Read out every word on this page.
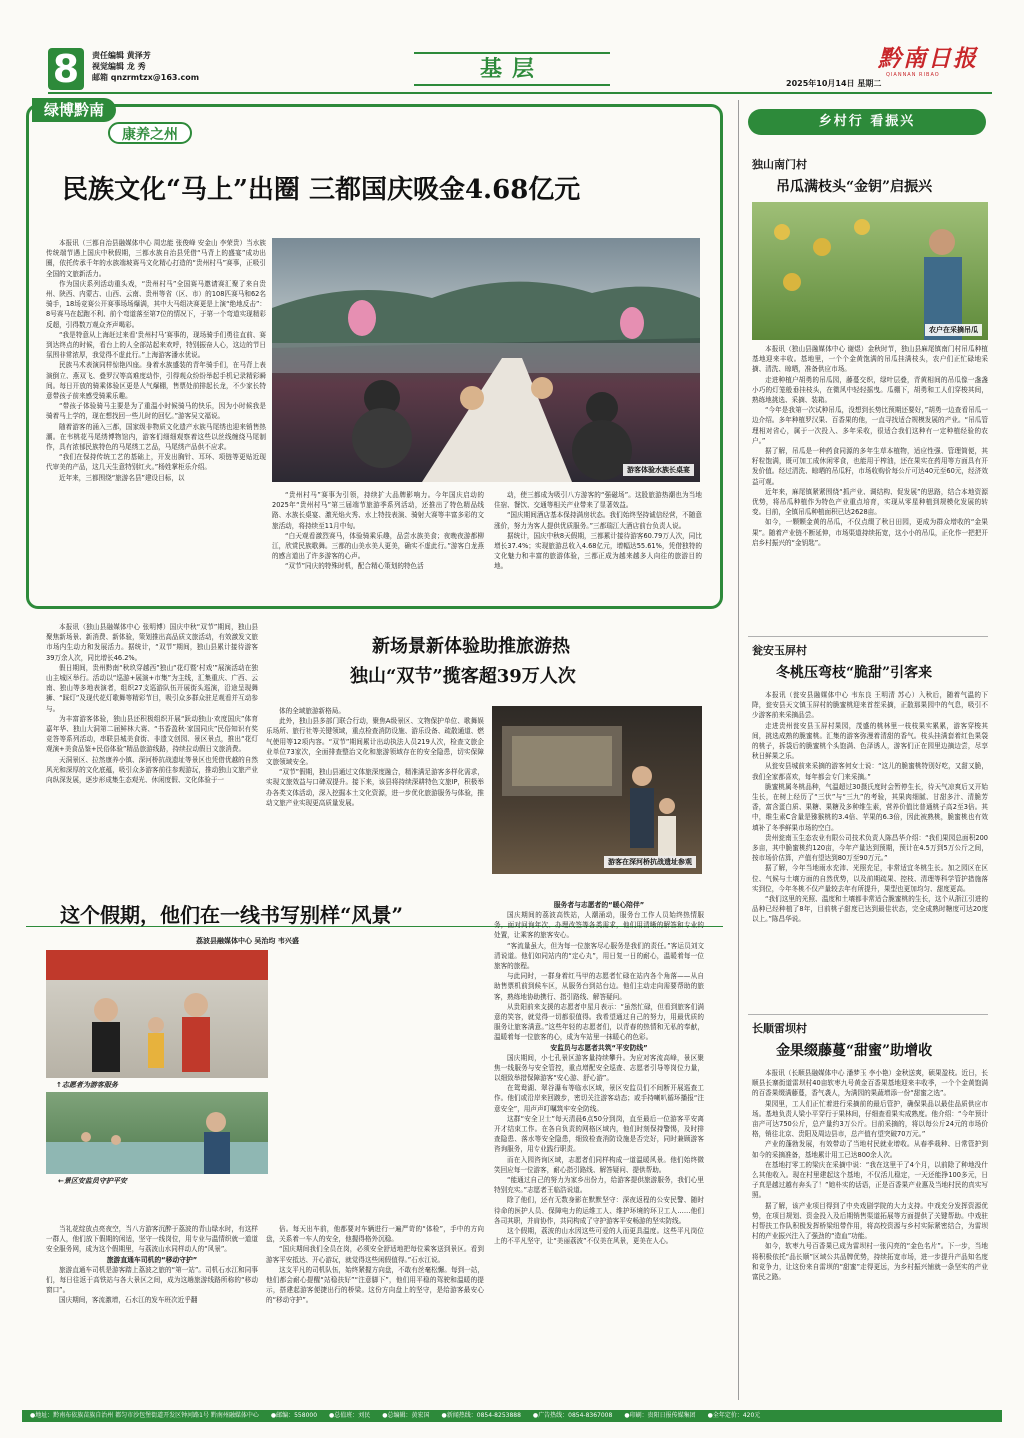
8	责任编辑 黄泽芳
视觉编辑 龙 秀
邮箱 qnzrmtzx@163.com	基层	黔南日报
QIANNAN RIBAO
2025年10月14日 星期二
绿博黔南
康养之州
民族文化“马上”出圈 三都国庆吸金4.68亿元

本报讯（三都自治县融媒体中心 周忠能 张俊峰 安金山 李荣贵）当水族传统端节遇上国庆中秋假期，三都水族自治县凭借“马背上的盛宴”成功出圈，依托传承千年的水族端坡赛马文化精心打造的“贵州村马”赛事，正吸引全国的文旅新活力。

作为国庆系列活动重头戏，“贵州村马”全国赛马邀请赛汇聚了来自贵州、陕西、内蒙古、山西、云南、贵州等省（区、市）的108匹赛马和62名骑手，18场竞赛公开赛事场场爆满，其中大马组决赛更是上演“绝地反击”：8号赛马在起跑不利、前个弯道落至第7位的情况下，于第一个弯道实现精彩反超，引得数万观众齐声喝彩。

“我是特意从上海赶过来看‘贵州村马’赛事的，现场骑手们勇往直前、赛到达终点的时候，看台上的人全部站起来欢呼，特别振奋人心，这边的节日氛围非常浓厚，我觉得不虚此行。”上海游客潘水优说。

民族马术表演同样惊艳四座。身着水族盛装的青年骑手们，在马背上表演倒立、燕双飞、叠罗汉等高难度动作，引得观众纷纷举起手机记录精彩瞬间。每日开放的骑乘体验区更是人气爆棚，售票处前排起长龙，不少家长特意带孩子前来感受骑乘乐趣。

“带孩子体验骑马主要是为了重温小时候骑马的快乐，因为小时候我是骑着马上学的，现在想找回一些儿时的回忆。”游客吴文福说。

随着游客的涌入三都，国家级非物质文化遗产水族马尾绣也迎来销售热潮。在韦桃花马尾绣博物馆内，游客们细细观察着这些以丝线缠绕马尾制作，具有浓郁民族特色的马尾绣工艺品，马尾绣产品供不应求。

“我们在保持传统工艺的基础上，开发出胸针、耳环、项链等更贴近现代审美的产品，这几天生意特别红火。”杨姓掌柜乐介绍。

近年来，三都围绕“旅游名县”建设目标，以

游客体验水族长桌宴

“贵州村马”赛事为引领，持续扩大品牌影响力。今年国庆启动的2025年“贵州村马”第三届端节旅游季系列活动，还推出了特色精品线路、水族长桌宴、激光焰火秀、水上特技表演、骑射大赛等丰富多彩的文旅活动，将持续至11月中旬。

“白天观看激烈赛马，体验骑乘乐趣，品尝水族美食；夜晚夜游都柳江，欣赏民族歌舞。三都的山美水美人更美，确实不虚此行。”游客白龙燕的感言道出了许多游客的心声。

“双节”同庆的特殊时机，配合精心策划的特色活

动，使三都成为吸引八方游客的“强磁场”。这股旅游热潮也为当地住宿、餐饮、交通等相关产业带来了显著效益。

“国庆期间酒店基本保持满房状态。我们始终坚持诚信经营，不随意涨价，努力为客人提供优质服务。”三都瑞江大酒店前台负责人说。

据统计，国庆中秋8天假期，三都累计接待游客60.79万人次，同比增长37.4%；实现旅游总收入4.68亿元，增幅达55.61%，凭借独特的文化魅力和丰富的旅游体验，三都正成为越来越多人向往的旅游目的地。

本报讯（独山县融媒体中心 张明博）国庆中秋“双节”期间，独山县聚焦新场景、新消费、新体验，策划推出高品质文旅活动，有效激发文旅市场内生动力和发展活力。据统计，“双节”期间，独山县累计接待游客39万余人次，同比增长46.2%。

假日期间，贵州黔南“秋玖穿越西”独山“花灯暨‘村戏’”展演活动在独山主城区举行。活动以“巡游+展演+市集”为主线，汇集重庆、广西、云南、独山等多地表演者，组织27支巡游队伍开展街头巡演，沿途呈现舞狮、“踩灯”及现代花灯歌舞等精彩节目，吸引众多群众驻足观看并互动参与。

为丰富游客体验，独山县还积极组织开展“跃动独山·欢度国庆”体育嘉年华、独山大洞第二届鲜林大赛、“书香盈秋·家国同庆”民俗知识有奖竞答等系列活动，串联县城美食街、非遗文创园、景区景点，推出“花灯观演+美食品鉴+民俗体验”精品旅游线路，持续拉动假日文旅消费。

天洞景区、拉然康养小镇、深河桥抗战遗址等景区也凭借优越的自然风光和深厚的文化底蕴，吸引众多游客前往参观游玩，推动独山文旅产业向纵深发展，逐步形成集生态观光、休闲度假、文化体验于一

新场景新体验助推旅游热
独山“双节”揽客超39万人次

体的全域旅游新格局。

此外，独山县多部门联合行动，聚焦A级景区、文物保护单位、歌舞娱乐场所、旅行社等关键领域，重点检查消防设施、游乐设备、疏散通道、燃气使用等12项内容。“双节”期间累计出动执法人员219人次，检查文旅企业单位73家次，全面排查整治文化和旅游领域存在的安全隐患，切实保障文旅领域安全。

“双节”假期，独山县通过文体旅深度融合，精准满足游客多样化需求，实现文旅效益与口碑双提升。接下来，该县将持续深耕特色文旅IP，积极举办各类文体活动，深入挖掘本土文化资源，进一步优化旅游服务与体验，推动文旅产业实现更高质量发展。

游客在深河桥抗战遗址参观
这个假期，他们在一线书写别样“风景”
荔波县融媒体中心 吴治均 韦兴盛
↑志愿者为游客服务
←景区安监员守护平安

当礼花绽放点亮夜空，当八方游客沉醉于荔波的青山绿水时，有这样一群人，他们放下假期的闲适，坚守一线岗位，用专业与温情织就一道道安全服务网，成为这个假期里，与荔波山水同样动人的“风景”。

旅游直通车司机的“移动守护”

旅游直通车司机是游客踏上荔波之旅的“第一站”。司机石水江和同事们，每日往返于高铁站与各大景区之间，成为这趟旅游线路所称的“移动窗口”。

国庆期间，客流激增，石水江的发车班次近乎翻

倍。每天出车前，他都要对车辆进行一遍严苛的“体检”，手中的方向盘，关系着一车人的安全，他握得格外沉稳。

“国庆期间我们全员在岗，必须安全舒适地把每位乘客送到景区。看到游客平安抵达、开心游玩，就觉得这些闲假值得。”石水江说。

这支平凡的司机队伍，始终紧握方向盘，不敢有丝毫松懈。每到一站，他们都会耐心提醒“站稳扶好”“注意脚下”，他们用平稳的驾驶和温暖的提示，搭建起游客便捷出行的桥梁。这份方向盘上的坚守，是给游客最安心的“移动守护”。

服务者与志愿者的“暖心陪伴”

国庆期间的荔波高铁站，人潮涌动，服务台工作人员始终热情服务，面对问询年次、办理改签等各类需求，他们用清晰的解答和专业的处置，让乘客的旅客安心。

“客流量虽大，但为每一位旅客尽心服务是我们的责任。”客运员刘文清说道。他们如同站内的“定心丸”，用日复一日的耐心，温暖着每一位旅客的旅程。

与此同时，一群身着红马甲的志愿者忙碌在站内各个角落——从自助售票机前到候车区，从服务台到站台边。他们主动走向需要帮助的旅客，熟练地协助携行、指引路线、解答疑问。

从贵阳前来支援的志愿者申星月表示：“虽然忙碌，但看到旅客们满意的笑容，就觉得一切都很值得。我希望通过自己的努力，用最优质的服务让旅客满意。”这些年轻的志愿者们，以青春的热情和无私的奉献，温暖着每一位旅客的心，成为车站里一抹暖心的色彩。

安监员与志愿者共筑“平安防线”

国庆期间，小七孔景区游客量持续攀升。为应对客流高峰，景区聚焦一线服务与安全管控，重点增配安全巡查、志愿者引导等岗位力量，以细致举措保障游客“安心游、舒心游”。

在鸳鸯湖、翠谷瀑布等临水区域，景区安监员们不间断开展巡查工作。他们或沿岸来回踱步，密切关注游客动态；或手持喇叭循环播报“注意安全”，用声声叮嘱筑牢安全防线。

这群“安全卫士”每天清晨6点50分到岗，直至最后一位游客平安离开才结束工作。在各自负责的网格区域内，他们时刻保持警惕，及时排查隐患、落水等安全隐患，细致检查消防设施是否完好，同时兼顾游客咨询服务，用专业践行职责。

而在入园咨询区域，志愿者们同样构成一道温暖风景。他们始终微笑回应每一位游客，耐心指引路线、解答疑问、提供帮助。

“能通过自己的努力为家乡出份力，给游客提供旅游服务，我们心里特别充实。”志愿者王临浩说道。

除了他们，还有无数身影在默默坚守：深夜返程的公安民警、随时待命的医护人员、保障电力的运维工人、维护环境的环卫工人……他们各司其职，并肩协作，共同构成了守护游客平安畅游的坚实防线。

这个假期，荔波的山水因这些可爱的人而更具温度。这些平凡岗位上的不平凡坚守，让“美丽荔波”不仅美在风景，更美在人心。

乡村行 看振兴
独山南门村
吊瓜满枝头“金钥”启振兴
农户在采摘吊瓜

本报讯（独山县融媒体中心 谢煜）金秋时节，独山县麻尾镇南门村吊瓜种植基地迎来丰收。基地里，一个个金黄饱满的吊瓜挂满枝头，农户们正忙碌地采摘、清洗、晾晒，准备供应市场。

走进种植户胡勇的吊瓜园，藤蔓交织，绿叶层叠，青黄相间的吊瓜像一盏盏小巧的灯笼般垂挂枝头，在微风中轻轻摇曳。瓜棚下，胡勇和工人们穿梭其间，熟练地挑选、采摘、装箱。

“今年是我第一次试种吊瓜，没想到长势比预期还要好，”胡勇一边查看吊瓜一边介绍。多年种植罗汉果、百香果的他，一直寻找适合规模发展的产业。“吊瓜管理相对省心，属于一次投入、多年采收，很适合我们这种有一定种植经验的农户。”

据了解，吊瓜是一种药食同源的多年生草本植物，适应性强、管理简便，其籽粒饱满，既可加工成休闲零食，也能用于榨油，还在果实在药用等方面具有开发价值。经过清洗、晾晒的吊瓜籽，市场收购价每公斤可达40元至60元，经济效益可观。

近年来，麻尾镇紧紧围绕“抓产业、调结构、促发展”的思路，结合本地资源优势，将吊瓜种植作为特色产业重点培育，实现从零星种植到规模化发展的转变。目前，全镇吊瓜种植面积已达2628亩。

如今，一颗颗金黄的吊瓜，不仅点缀了秋日田园，更成为群众增收的“金果果”。随着产业链不断延伸，市场渠道持续拓宽，这小小的吊瓜，正化作一把把开启乡村振兴的“金钥匙”。

瓮安玉屏村
冬桃压弯枝“脆甜”引客来

本报讯（瓮安县融媒体中心 韦东良 王明清 苏心）入秋后，随着气温的下降，瓮安县天文镇玉屏村的脆蜜桃迎来首茬采摘，正散那果园中的气息，吸引不少游客前来采摘品尝。

走进贵州瓮安县玉屏村果园，茂盛的桃林里一枝枝果实累累，游客穿梭其间，挑选成熟的脆蜜桃。汇集的游客弥漫着清甜的香气。枝头挂满套着红色果袋的桃子，拆袋后的脆蜜桃个头饱满、色泽诱人，游客们正在园里边摘边尝，尽享秋日鲜果之乐。

从瓮安县城前来采摘的游客何女士说：“这儿的脆蜜桃特别好吃，又甜又脆，我们全家都喜欢，每年都会专门来采摘。”

脆蜜桃属冬桃品种，气温超过30摄氏度时会暂停生长，待天气凉爽后又开始生长，在树上经历了“三伏”与“三九”的考验，其果肉细腻、甘甜多汁、清脆芳香，富含蛋白质、果糖、果糖及多种维生素，营养价值比普通桃子高2至3倍。其中，维生素C含量是猕猴桃的3.4倍、苹果的6.3倍，因此被熟桃，脆蜜桃也有效填补了冬季鲜果市场的空白。

贵州瓮南玉生态农业有限公司技术负责人陈昌华介绍：“我们果园总面积200多亩，其中脆蜜桃约120亩，今年产量达到预期，预计在4.5万到5万公斤之间，按市场价估算，产值有望达到80万至90万元。”

据了解，今年当地雨水充沛、光照充足，非常适宜冬桃生长。加之园区在区位、气候与土壤方面的自然优势，以及前期疏果、控枝、清理等科学管护措施落实到位，今年冬桃不仅产量较去年有所提升，果型也更加均匀、甜度更高。

“我们这里的光照、温度和土壤都非常适合脆蜜桃的生长，这个从浙江引进的品种已经种植了8年，目前桃子甜度已达到最佳状态，完全成熟时糖度可达20度以上。”陈昌华说。

长顺雷坝村
金果缀藤蔓“甜蜜”助增收

本报讯（长顺县融媒体中心 潘梦玉 李小艳）金秋送爽，硕果盈枝。近日，长顺县长寨街道雷坝村40亩软枣九号黄金百香果基地迎来丰收季，一个个金黄饱满的百香果缀满藤蔓，香气袭人，为满园的果蔬增添一份“甜蜜之选”。

果园里，工人们正忙着进行采摘前的最后管护，确保果品以最佳品质供应市场。基地负责人梁小平穿行于果林间，仔细查看果实成熟度。他介绍：“今年预计亩产可达750公斤，总产量约3万公斤。目前采摘的，将以每公斤24元的市场价格，销往北京、贵阳及周边县市，总产值有望突破70万元。”

产业的蓬勃发展，有效带动了当地村民就业增收。从春季栽种、日常管护到如今的采摘准备，基地累计用工已达800余人次。

在基地打零工的梁庆在采摘中说：“我在这里干了4个月，以前除了种地没什么其他收入。现在村里建起这个基地，不仅活儿稳定，一天还能挣100多元，日子真是越过越有奔头了！”她朴实的话语，正是百香果产业惠及当地村民的真实写照。

据了解，该产业项目得到了中央戏剧学院的大力支持。中戏充分发挥资源优势，在项目规划、资金投入及后期销售渠道拓展等方面提供了关键帮助。中戏驻村帮扶工作队积极发挥桥梁纽带作用，将高校资源与乡村实际紧密结合，为雷坝村的产业振兴注入了强劲的“造血”功能。

如今，软枣九号百香果已成为雷坝村一张闪亮的“金色名片”。下一步，当地将积极依托“品长顺”区域公共品牌优势，持续拓宽市场，进一步提升产品知名度和竞争力，让这份来自雷坝的“甜蜜”走得更远，为乡村振兴铺就一条坚实的产业富民之路。

●地址：黔南布依族苗族自治州 都匀市沙包堡街道开发区钟河路1号 黔南州融媒体中心 ●邮编：558000 ●总值班：刘民 ●总编辑：黄宏国 ●新闻热线：0854-8253888 ●广告热线：0854-8367008 ●印刷：贵阳日报传媒集团 ●全年定价：420元
